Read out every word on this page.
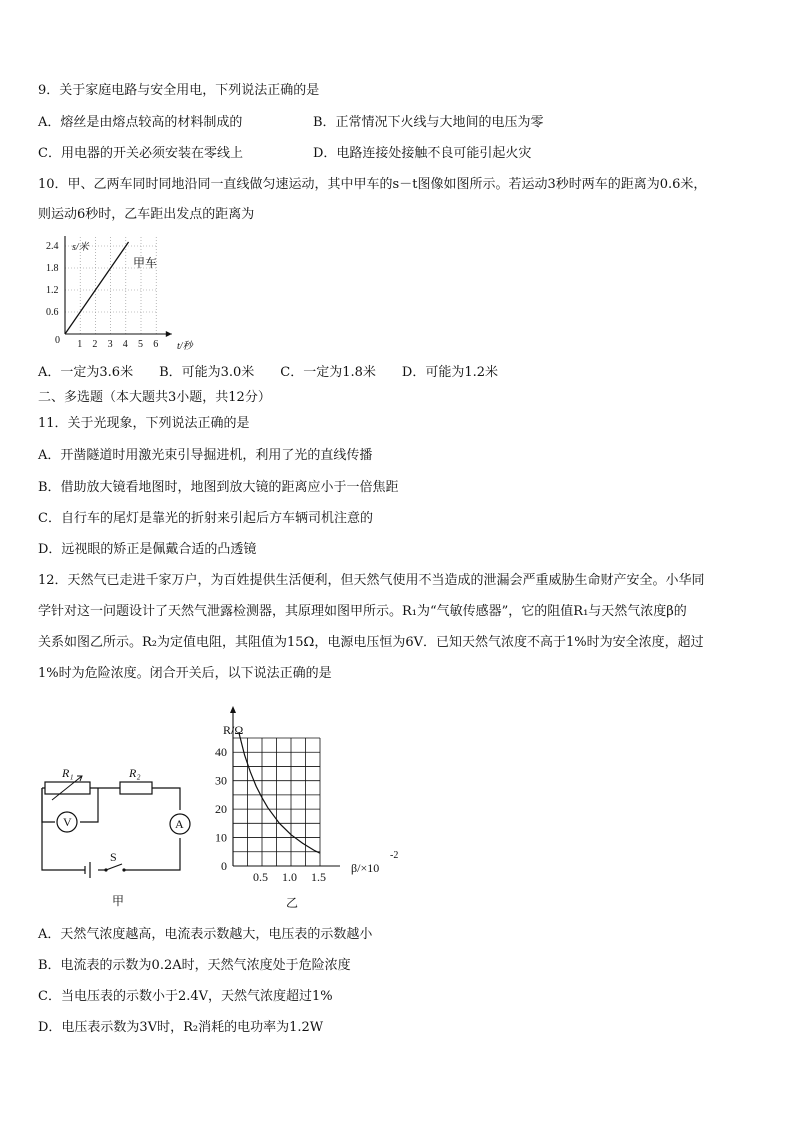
9．关于家庭电路与安全用电，下列说法正确的是
A．熔丝是由熔点较高的材料制成的	B．正常情况下火线与大地间的电压为零
C．用电器的开关必须安装在零线上	D．电路连接处接触不良可能引起火灾
10．甲、乙两车同时同地沿同一直线做匀速运动，其中甲车的s－t图像如图所示。若运动3秒时两车的距离为0.6米，
则运动6秒时，乙车距出发点的距离为
1 2 3 4 5 6
0.6
1.2
1.8
2.4
0
甲车
s/米
t/秒
A．一定为3.6米　　B．可能为3.0米　　C．一定为1.8米　　D．可能为1.2米
二、多选题（本大题共3小题，共12分）
11．关于光现象，下列说法正确的是
A．开凿隧道时用激光束引导掘进机，利用了光的直线传播
B．借助放大镜看地图时，地图到放大镜的距离应小于一倍焦距
C．自行车的尾灯是靠光的折射来引起后方车辆司机注意的
D．远视眼的矫正是佩戴合适的凸透镜
12．天然气已走进千家万户，为百姓提供生活便利，但天然气使用不当造成的泄漏会严重威胁生命财产安全。小华同
学针对这一问题设计了天然气泄露检测器，其原理如图甲所示。R₁为“气敏传感器”，它的阻值R₁与天然气浓度β的
关系如图乙所示。R₂为定值电阻，其阻值为15Ω，电源电压恒为6V．已知天然气浓度不高于1%时为安全浓度，超过
1%时为危险浓度。闭合开关后，以下说法正确的是
R₁	R₂
V	A
S
甲
0
10
20
30
40
0.5 1.0 1.5
R/Ω
β/×10
-2
乙
A．天然气浓度越高，电流表示数越大，电压表的示数越小
B．电流表的示数为0.2A时，天然气浓度处于危险浓度
C．当电压表的示数小于2.4V，天然气浓度超过1%
D．电压表示数为3V时，R₂消耗的电功率为1.2W
